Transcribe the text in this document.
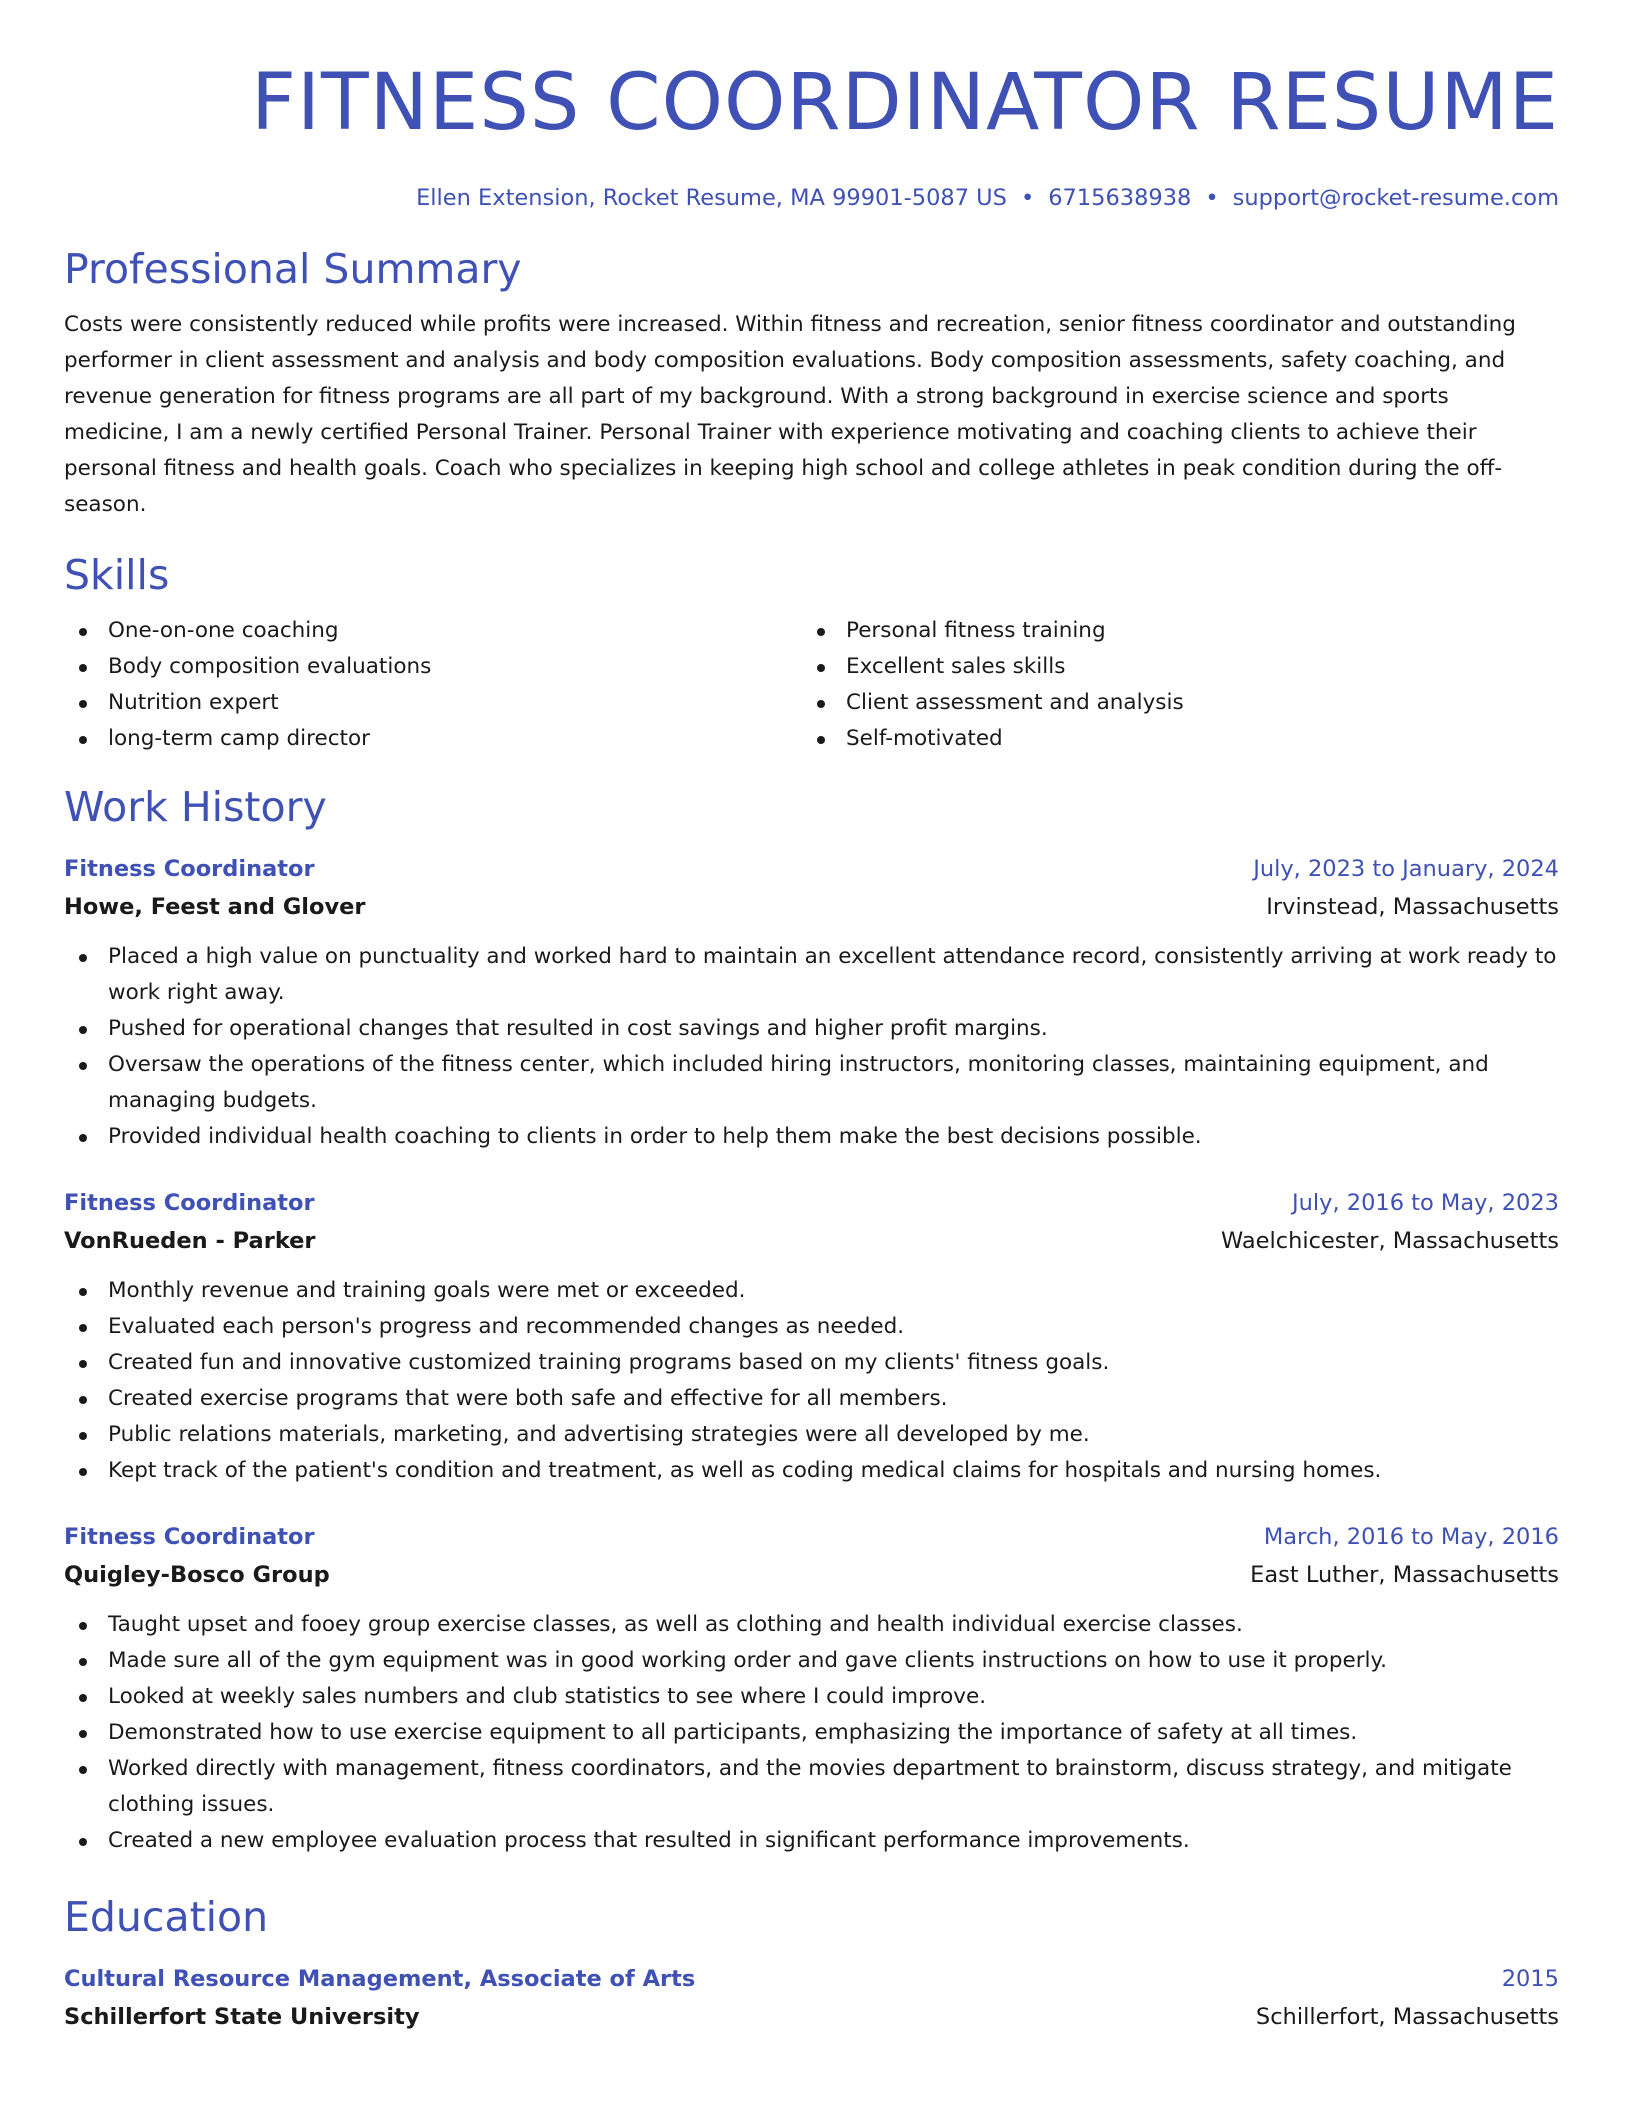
FITNESS COORDINATOR RESUME
Ellen Extension, Rocket Resume, MA 99901-5087 US • 6715638938 • support@rocket-resume.com
Professional Summary
Costs were consistently reduced while profits were increased. Within fitness and recreation, senior fitness coordinator and outstanding performer in client assessment and analysis and body composition evaluations. Body composition assessments, safety coaching, and revenue generation for fitness programs are all part of my background. With a strong background in exercise science and sports medicine, I am a newly certified Personal Trainer. Personal Trainer with experience motivating and coaching clients to achieve their personal fitness and health goals. Coach who specializes in keeping high school and college athletes in peak condition during the off-season.
Skills
One-on-one coaching
Body composition evaluations
Nutrition expert
long-term camp director
Personal fitness training
Excellent sales skills
Client assessment and analysis
Self-motivated
Work History
Fitness Coordinator	July, 2023 to January, 2024
Howe, Feest and Glover	Irvinstead, Massachusetts
Placed a high value on punctuality and worked hard to maintain an excellent attendance record, consistently arriving at work ready to work right away.
Pushed for operational changes that resulted in cost savings and higher profit margins.
Oversaw the operations of the fitness center, which included hiring instructors, monitoring classes, maintaining equipment, and managing budgets.
Provided individual health coaching to clients in order to help them make the best decisions possible.
Fitness Coordinator	July, 2016 to May, 2023
VonRueden - Parker	Waelchicester, Massachusetts
Monthly revenue and training goals were met or exceeded.
Evaluated each person's progress and recommended changes as needed.
Created fun and innovative customized training programs based on my clients' fitness goals.
Created exercise programs that were both safe and effective for all members.
Public relations materials, marketing, and advertising strategies were all developed by me.
Kept track of the patient's condition and treatment, as well as coding medical claims for hospitals and nursing homes.
Fitness Coordinator	March, 2016 to May, 2016
Quigley-Bosco Group	East Luther, Massachusetts
Taught upset and fooey group exercise classes, as well as clothing and health individual exercise classes.
Made sure all of the gym equipment was in good working order and gave clients instructions on how to use it properly.
Looked at weekly sales numbers and club statistics to see where I could improve.
Demonstrated how to use exercise equipment to all participants, emphasizing the importance of safety at all times.
Worked directly with management, fitness coordinators, and the movies department to brainstorm, discuss strategy, and mitigate clothing issues.
Created a new employee evaluation process that resulted in significant performance improvements.
Education
Cultural Resource Management, Associate of Arts	2015
Schillerfort State University	Schillerfort, Massachusetts
